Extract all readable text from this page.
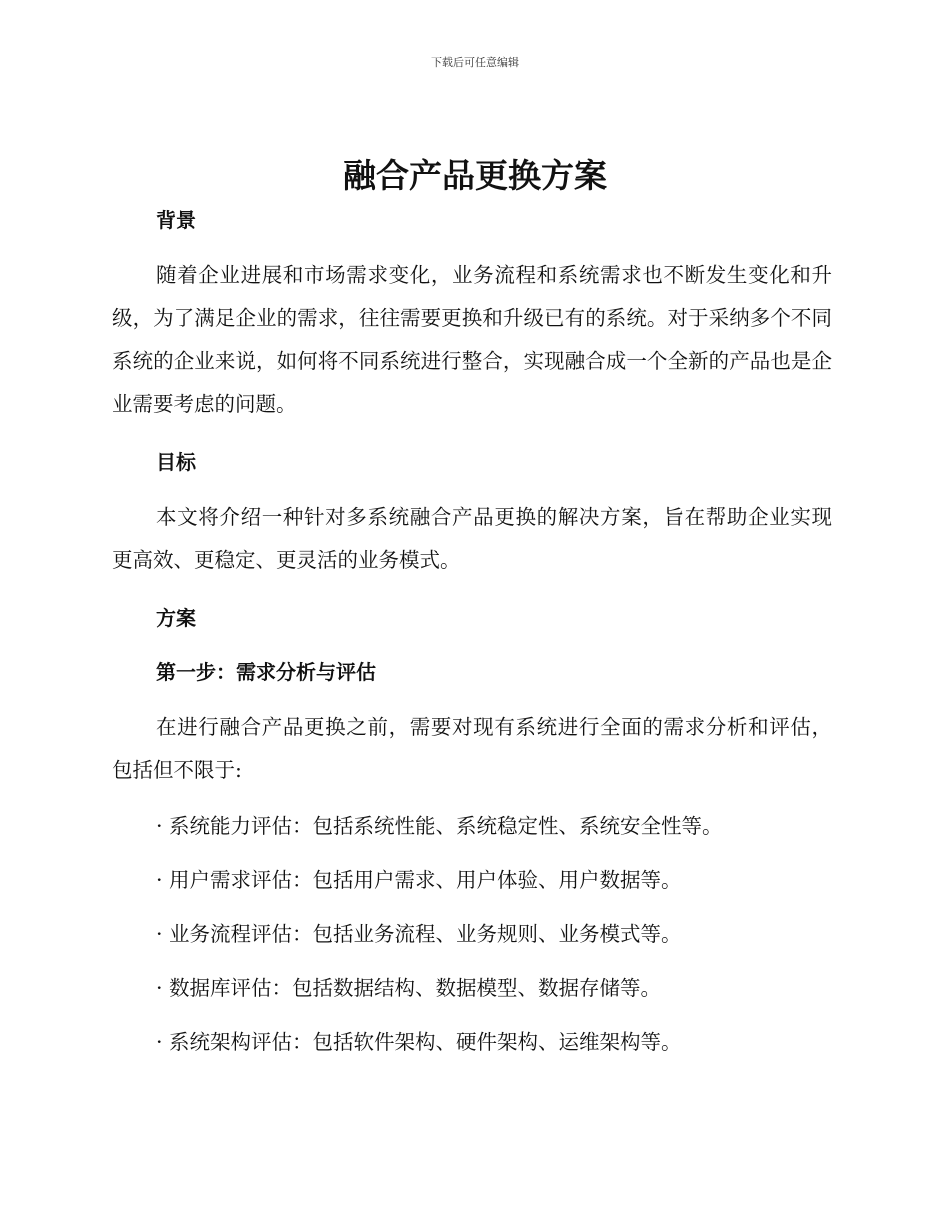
下载后可任意编辑
融合产品更换方案

背景

随着企业进展和市场需求变化，业务流程和系统需求也不断发生变化和升级，为了满足企业的需求，往往需要更换和升级已有的系统。对于采纳多个不同系统的企业来说，如何将不同系统进行整合，实现融合成一个全新的产品也是企业需要考虑的问题。

目标

本文将介绍一种针对多系统融合产品更换的解决方案，旨在帮助企业实现更高效、更稳定、更灵活的业务模式。

方案

第一步：需求分析与评估

在进行融合产品更换之前，需要对现有系统进行全面的需求分析和评估，包括但不限于:

· 系统能力评估：包括系统性能、系统稳定性、系统安全性等。

· 用户需求评估：包括用户需求、用户体验、用户数据等。

· 业务流程评估：包括业务流程、业务规则、业务模式等。

· 数据库评估：包括数据结构、数据模型、数据存储等。

· 系统架构评估：包括软件架构、硬件架构、运维架构等。
